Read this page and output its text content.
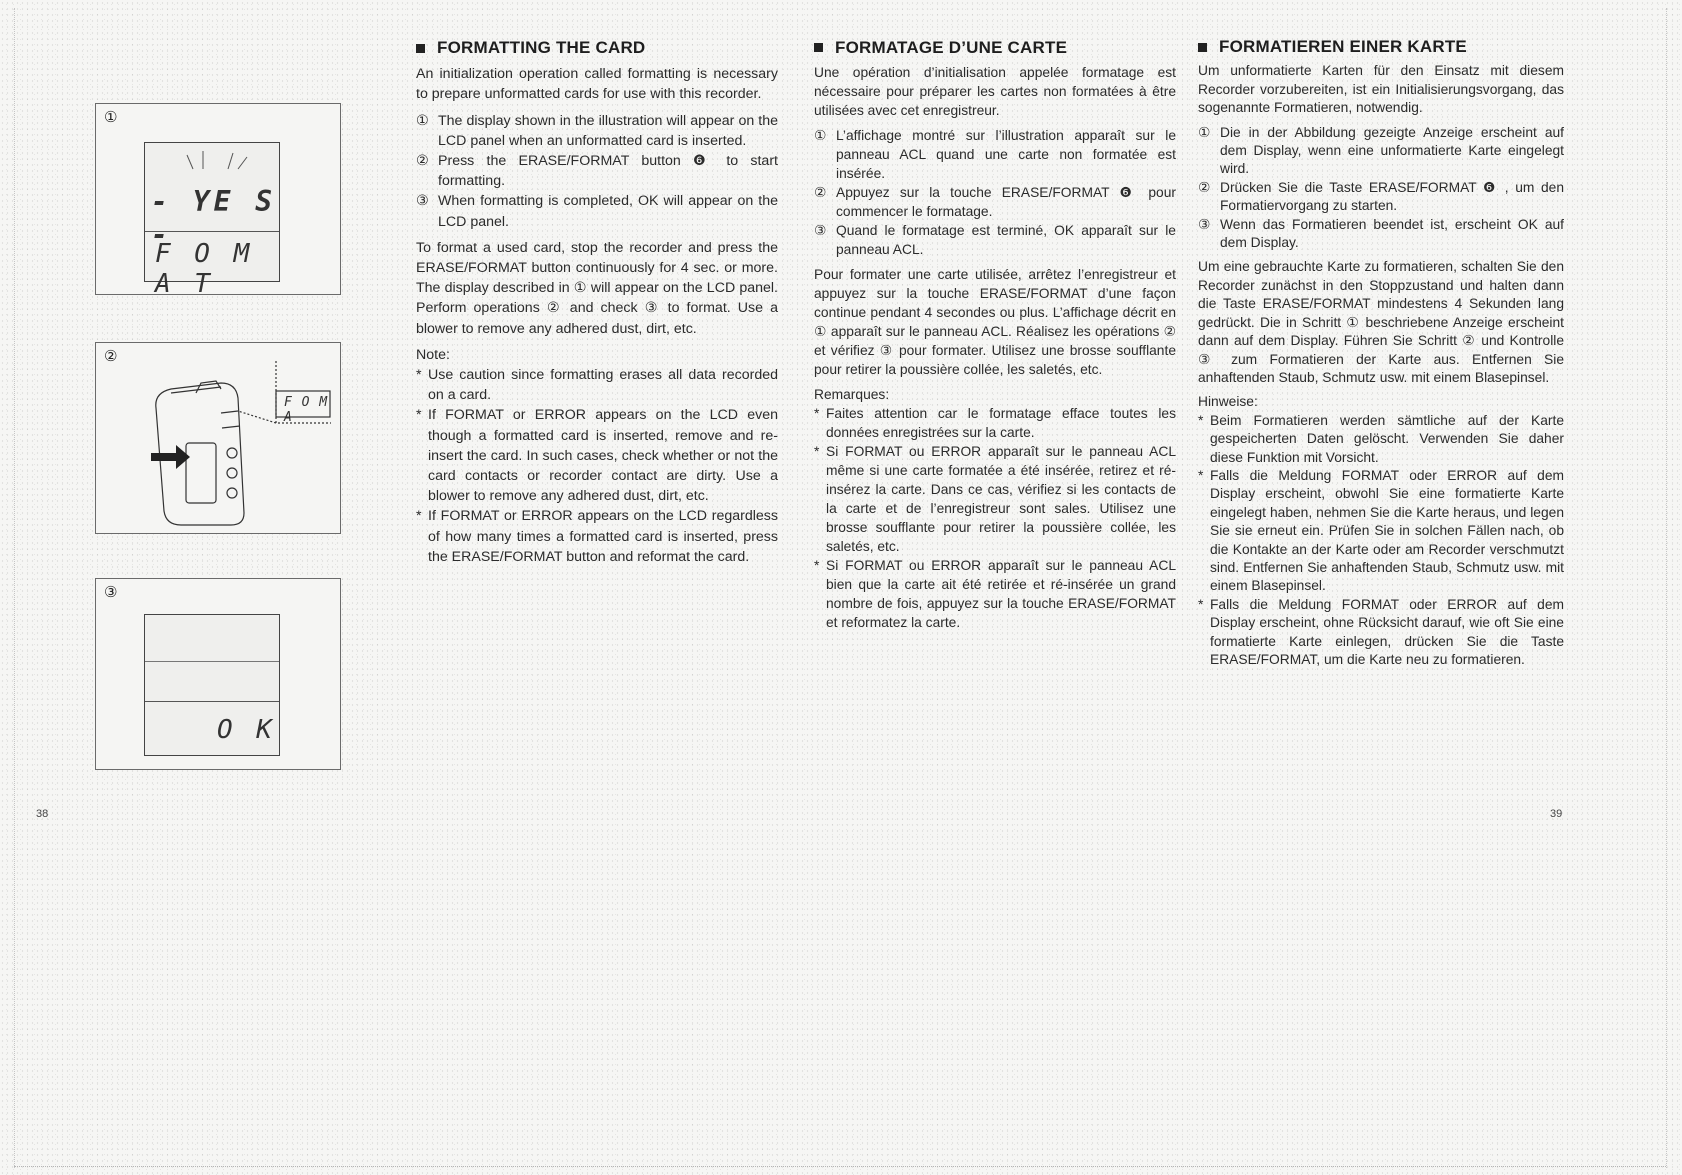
①
- YE S -
F O M A T
②
F O M A
③
O K
FORMATTING THE CARD

An initialization operation called formatting is necessary to prepare unformatted cards for use with this recorder.

① The display shown in the illustration will appear on the LCD panel when an unformatted card is inserted.
② Press the ERASE/FORMAT button ❻ to start formatting.
③ When formatting is completed, OK will appear on the LCD panel.

To format a used card, stop the recorder and press the ERASE/FORMAT button continuously for 4 sec. or more. The display described in ① will appear on the LCD panel. Perform operations ② and check ③ to format. Use a blower to remove any adhered dust, dirt, etc.

Note:
* Use caution since formatting erases all data recorded on a card.
* If FORMAT or ERROR appears on the LCD even though a formatted card is inserted, remove and re-insert the card. In such cases, check whether or not the card contacts or recorder contact are dirty. Use a blower to remove any adhered dust, dirt, etc.
* If FORMAT or ERROR appears on the LCD regardless of how many times a formatted card is inserted, press the ERASE/FORMAT button and reformat the card.
FORMATAGE D’UNE CARTE

Une opération d’initialisation appelée formatage est nécessaire pour préparer les cartes non formatées à être utilisées avec cet enregistreur.

① L’affichage montré sur l’illustration apparaît sur le panneau ACL quand une carte non formatée est insérée.
② Appuyez sur la touche ERASE/FORMAT ❻ pour commencer le formatage.
③ Quand le formatage est terminé, OK apparaît sur le panneau ACL.

Pour formater une carte utilisée, arrêtez l’enregistreur et appuyez sur la touche ERASE/FORMAT d’une façon continue pendant 4 secondes ou plus. L’affichage décrit en ① apparaît sur le panneau ACL. Réalisez les opérations ② et vérifiez ③ pour formater. Utilisez une brosse soufflante pour retirer la poussière collée, les saletés, etc.

Remarques:
* Faites attention car le formatage efface toutes les données enregistrées sur la carte.
* Si FORMAT ou ERROR apparaît sur le panneau ACL même si une carte formatée a été insérée, retirez et ré-insérez la carte. Dans ce cas, vérifiez si les contacts de la carte et de l’enregistreur sont sales. Utilisez une brosse soufflante pour retirer la poussière collée, les saletés, etc.
* Si FORMAT ou ERROR apparaît sur le panneau ACL bien que la carte ait été retirée et ré-insérée un grand nombre de fois, appuyez sur la touche ERASE/FORMAT et reformatez la carte.
FORMATIEREN EINER KARTE

Um unformatierte Karten für den Einsatz mit diesem Recorder vorzubereiten, ist ein Initialisierungsvorgang, das sogenannte Formatieren, notwendig.

① Die in der Abbildung gezeigte Anzeige erscheint auf dem Display, wenn eine unformatierte Karte eingelegt wird.
② Drücken Sie die Taste ERASE/FORMAT ❻ , um den Formatiervorgang zu starten.
③ Wenn das Formatieren beendet ist, erscheint OK auf dem Display.

Um eine gebrauchte Karte zu formatieren, schalten Sie den Recorder zunächst in den Stoppzustand und halten dann die Taste ERASE/FORMAT mindestens 4 Sekunden lang gedrückt. Die in Schritt ① beschriebene Anzeige erscheint dann auf dem Display. Führen Sie Schritt ② und Kontrolle ③ zum Formatieren der Karte aus. Entfernen Sie anhaftenden Staub, Schmutz usw. mit einem Blasepinsel.

Hinweise:
* Beim Formatieren werden sämtliche auf der Karte gespeicherten Daten gelöscht. Verwenden Sie daher diese Funktion mit Vorsicht.
* Falls die Meldung FORMAT oder ERROR auf dem Display erscheint, obwohl Sie eine formatierte Karte eingelegt haben, nehmen Sie die Karte heraus, und legen Sie sie erneut ein. Prüfen Sie in solchen Fällen nach, ob die Kontakte an der Karte oder am Recorder verschmutzt sind. Entfernen Sie anhaftenden Staub, Schmutz usw. mit einem Blasepinsel.
* Falls die Meldung FORMAT oder ERROR auf dem Display erscheint, ohne Rücksicht darauf, wie oft Sie eine formatierte Karte einlegen, drücken Sie die Taste ERASE/FORMAT, um die Karte neu zu formatieren.
38	39
